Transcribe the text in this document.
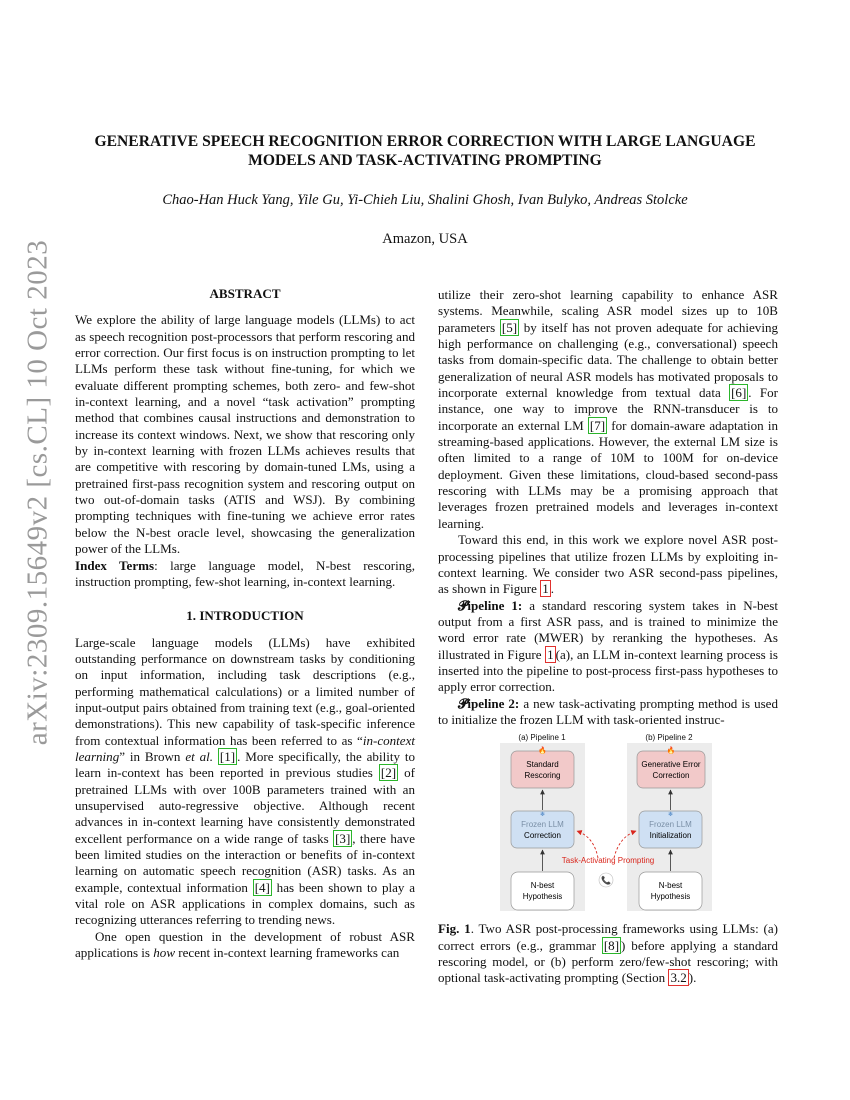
arXiv:2309.15649v2 [cs.CL] 10 Oct 2023
GENERATIVE SPEECH RECOGNITION ERROR CORRECTION WITH LARGE LANGUAGE
MODELS AND TASK-ACTIVATING PROMPTING
Chao-Han Huck Yang, Yile Gu, Yi-Chieh Liu, Shalini Ghosh, Ivan Bulyko, Andreas Stolcke
Amazon, USA
ABSTRACT

We explore the ability of large language models (LLMs) to act as speech recognition post-processors that perform rescoring and error correction. Our first focus is on instruction prompting to let LLMs perform these task without fine-tuning, for which we evaluate different prompting schemes, both zero- and few-shot in-context learning, and a novel “task activation” prompting method that combines causal instructions and demonstration to increase its context windows. Next, we show that rescoring only by in-context learning with frozen LLMs achieves results that are competitive with rescoring by domain-tuned LMs, using a pretrained first-pass recognition system and rescoring output on two out-of-domain tasks (ATIS and WSJ). By combining prompting techniques with fine-tuning we achieve error rates below the N-best oracle level, showcasing the generalization power of the LLMs.

Index Terms: large language model, N-best rescoring, instruction prompting, few-shot learning, in-context learning.

1. INTRODUCTION

Large-scale language models (LLMs) have exhibited outstanding performance on downstream tasks by conditioning on input information, including task descriptions (e.g., performing mathematical calculations) or a limited number of input-output pairs obtained from training text (e.g., goal-oriented demonstrations). This new capability of task-specific inference from contextual information has been referred to as “in-context learning” in Brown et al. [1] . More specifically, the ability to learn in-context has been reported in previous studies [2] of pretrained LLMs with over 100B parameters trained with an unsupervised auto-regressive objective. Although recent advances in in-context learning have consistently demonstrated excellent performance on a wide range of tasks [3] , there have been limited studies on the interaction or benefits of in-context learning on automatic speech recognition (ASR) tasks. As an example, contextual information [4] has been shown to play a vital role on ASR applications in complex domains, such as recognizing utterances referring to trending news.

One open question in the development of robust ASR applications is how recent in-context learning frameworks can

utilize their zero-shot learning capability to enhance ASR systems. Meanwhile, scaling ASR model sizes up to 10B parameters [5] by itself has not proven adequate for achieving high performance on challenging (e.g., conversational) speech tasks from domain-specific data. The challenge to obtain better generalization of neural ASR models has motivated proposals to incorporate external knowledge from textual data [6] . For instance, one way to improve the RNN-transducer is to incorporate an external LM [7] for domain-aware adaptation in streaming-based applications. However, the external LM size is often limited to a range of 10M to 100M for on-device deployment. Given these limitations, cloud-based second-pass rescoring with LLMs may be a promising approach that leverages frozen pretrained models and leverages in-context learning.

Toward this end, in this work we explore novel ASR post-processing pipelines that utilize frozen LLMs by exploiting in-context learning. We consider two ASR second-pass pipelines, as shown in Figure 1 .

𝓟ipeline 1: a standard rescoring system takes in N-best output from a first ASR pass, and is trained to minimize the word error rate (MWER) by reranking the hypotheses. As illustrated in Figure 1 (a), an LLM in-context learning process is inserted into the pipeline to post-process first-pass hypotheses to apply error correction.

𝓟ipeline 2: a new task-activating prompting method is used to initialize the frozen LLM with task-oriented instruc-

(a) Pipeline 1	(b) Pipeline 2
🔥
Standard
Rescoring
🔥
Generative Error
Correction
❄
Frozen LLM
Correction
❄
Frozen LLM
Initialization
N-best
Hypothesis
N-best
Hypothesis
Task-Activating Prompting
📞

Fig. 1. Two ASR post-processing frameworks using LLMs: (a) correct errors (e.g., grammar [8] ) before applying a standard rescoring model, or (b) perform zero/few-shot rescoring; with optional task-activating prompting (Section 3.2 ).
